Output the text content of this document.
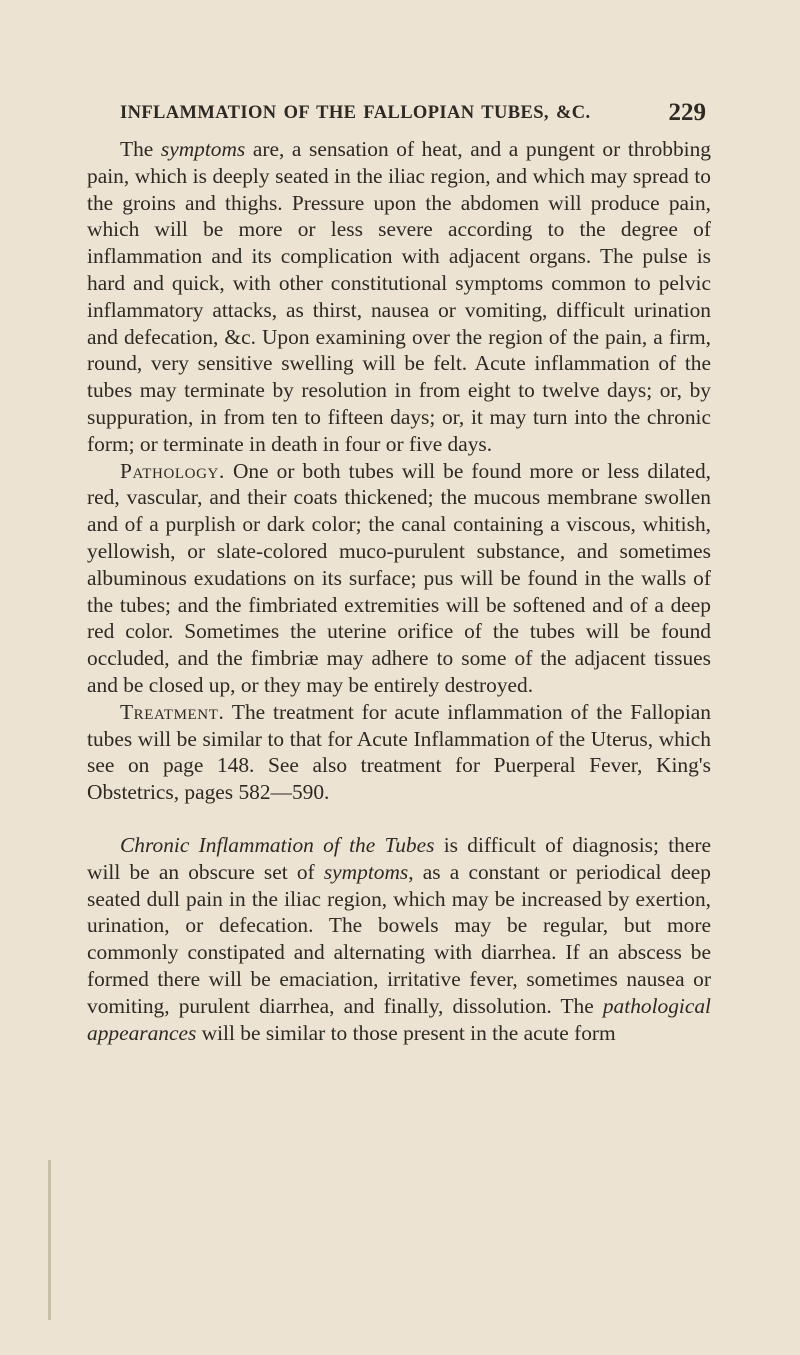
INFLAMMATION OF THE FALLOPIAN TUBES, &C.	229

The symptoms are, a sensation of heat, and a pungent or throbbing pain, which is deeply seated in the iliac region, and which may spread to the groins and thighs. Pressure upon the abdomen will produce pain, which will be more or less severe according to the degree of inflammation and its complication with adjacent organs. The pulse is hard and quick, with other constitutional symptoms common to pelvic inflammatory attacks, as thirst, nausea or vomiting, difficult urination and defecation, &c. Upon examining over the region of the pain, a firm, round, very sensitive swelling will be felt. Acute inflammation of the tubes may terminate by resolution in from eight to twelve days; or, by suppuration, in from ten to fifteen days; or, it may turn into the chronic form; or terminate in death in four or five days.

Pathology. One or both tubes will be found more or less dilated, red, vascular, and their coats thickened; the mucous membrane swollen and of a purplish or dark color; the canal containing a viscous, whitish, yellowish, or slate-colored muco-purulent substance, and sometimes albuminous exudations on its surface; pus will be found in the walls of the tubes; and the fimbriated extremities will be softened and of a deep red color. Sometimes the uterine orifice of the tubes will be found occluded, and the fimbriæ may adhere to some of the adjacent tissues and be closed up, or they may be entirely destroyed.

Treatment. The treatment for acute inflammation of the Fallopian tubes will be similar to that for Acute Inflammation of the Uterus, which see on page 148. See also treatment for Puerperal Fever, King's Obstetrics, pages 582—590.

Chronic Inflammation of the Tubes is difficult of diagnosis; there will be an obscure set of symptoms, as a constant or periodical deep seated dull pain in the iliac region, which may be increased by exertion, urination, or defecation. The bowels may be regular, but more commonly constipated and alternating with diarrhea. If an abscess be formed there will be emaciation, irritative fever, sometimes nausea or vomiting, purulent diarrhea, and finally, dissolution. The pathological appearances will be similar to those present in the acute form
